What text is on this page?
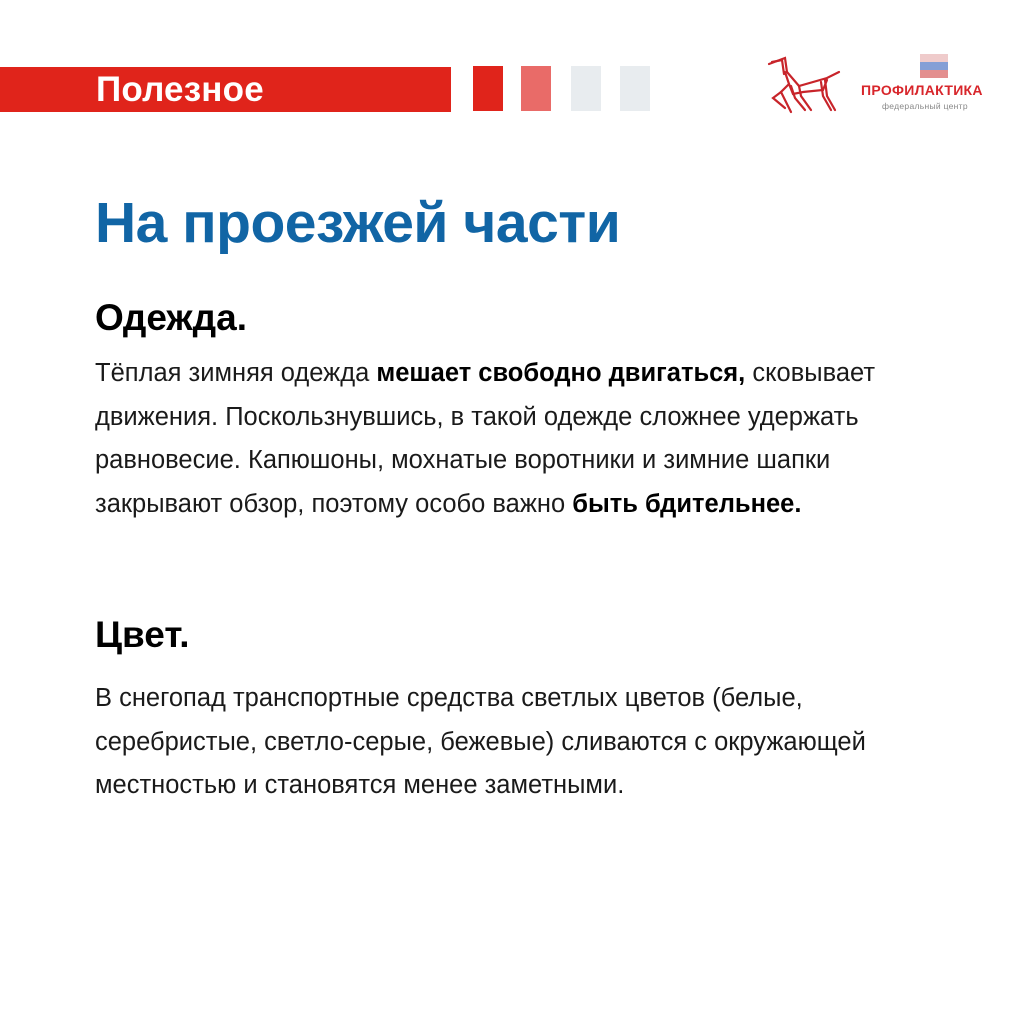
Полезное	ПРОФИЛАКТИКА
федеральный центр
На проезжей части
Одежда.

Тёплая зимняя одежда мешает свободно двигаться, сковывает движения. Поскользнувшись, в такой одежде сложнее удержать равновесие. Капюшоны, мохнатые воротники и зимние шапки закрывают обзор, поэтому особо важно быть бдительнее.

Цвет.

В снегопад транспортные средства светлых цветов (белые, серебристые, светло-серые, бежевые) сливаются с окружающей местностью и становятся менее заметными.
